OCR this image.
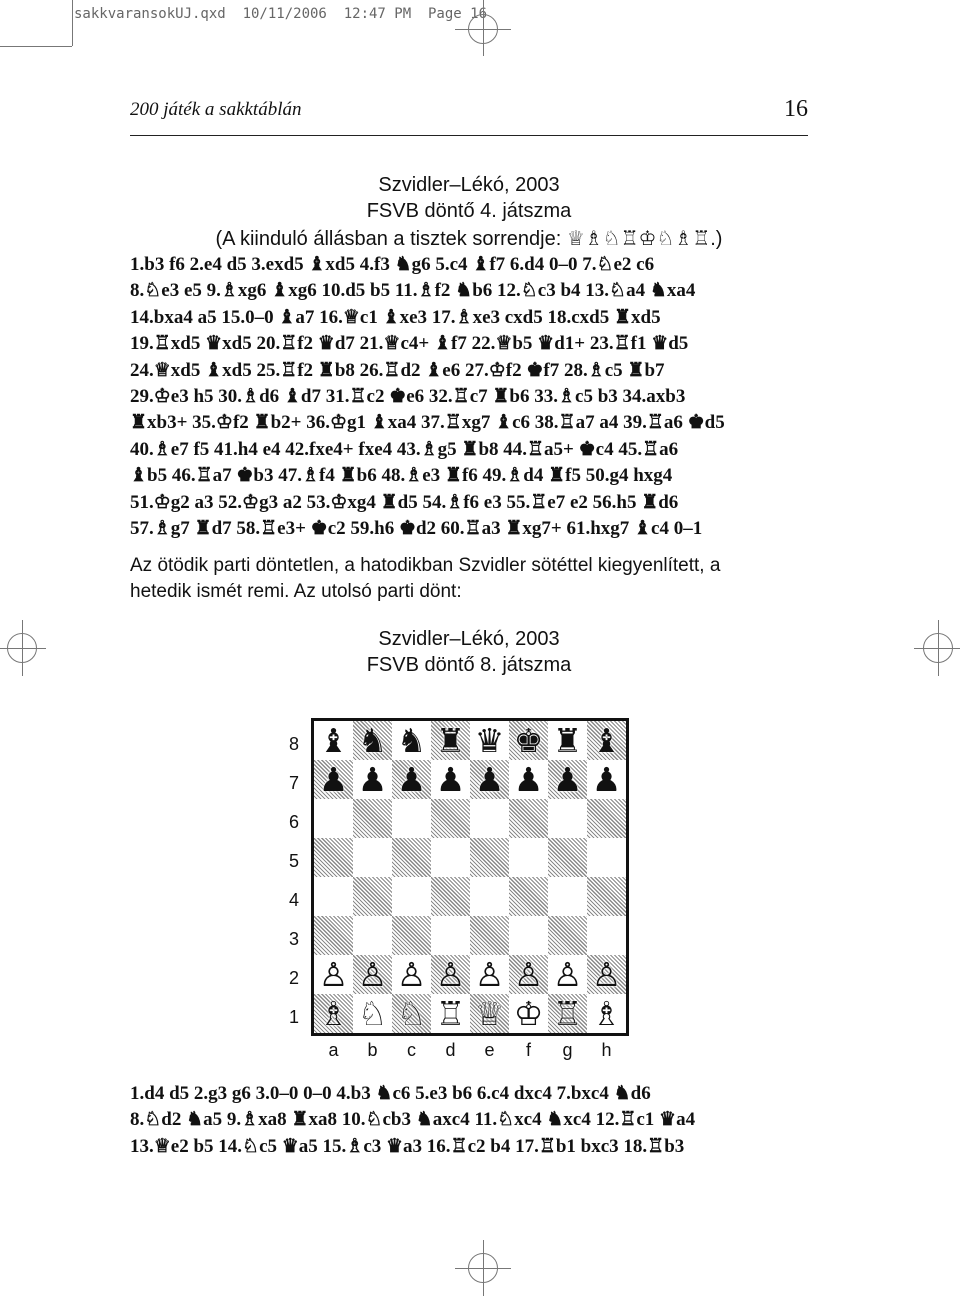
sakkvaransokUJ.qxd  10/11/2006  12:47 PM  Page 16
200 játék a sakktáblán	16
Szvidler–Lékó, 2003
FSVB döntő 4. játszma
(A kiinduló állásban a tisztek sorrendje: ♕♗♘♖♔♘♗♖.)
1.b3 f6 2.e4 d5 3.exd5 ♝xd5 4.f3 ♞g6 5.c4 ♝f7 6.d4 0–0 7.♘e2 c6
8.♘e3 e5 9.♗xg6 ♝xg6 10.d5 b5 11.♗f2 ♞b6 12.♘c3 b4 13.♘a4 ♞xa4
14.bxa4 a5 15.0–0 ♝a7 16.♕c1 ♝xe3 17.♗xe3 cxd5 18.cxd5 ♜xd5
19.♖xd5 ♛xd5 20.♖f2 ♛d7 21.♕c4+ ♝f7 22.♕b5 ♛d1+ 23.♖f1 ♛d5
24.♕xd5 ♝xd5 25.♖f2 ♜b8 26.♖d2 ♝e6 27.♔f2 ♚f7 28.♗c5 ♜b7
29.♔e3 h5 30.♗d6 ♝d7 31.♖c2 ♚e6 32.♖c7 ♜b6 33.♗c5 b3 34.axb3
♜xb3+ 35.♔f2 ♜b2+ 36.♔g1 ♝xa4 37.♖xg7 ♝c6 38.♖a7 a4 39.♖a6 ♚d5
40.♗e7 f5 41.h4 e4 42.fxe4+ fxe4 43.♗g5 ♜b8 44.♖a5+ ♚c4 45.♖a6
♝b5 46.♖a7 ♚b3 47.♗f4 ♜b6 48.♗e3 ♜f6 49.♗d4 ♜f5 50.g4 hxg4
51.♔g2 a3 52.♔g3 a2 53.♔xg4 ♜d5 54.♗f6 e3 55.♖e7 e2 56.h5 ♜d6
57.♗g7 ♜d7 58.♖e3+ ♚c2 59.h6 ♚d2 60.♖a3 ♜xg7+ 61.hxg7 ♝c4 0–1
Az ötödik parti döntetlen, a hatodikban Szvidler sötéttel kiegyenlített, a
hetedik ismét remi. Az utolsó parti dönt:
Szvidler–Lékó, 2003
FSVB döntő 8. játszma
8
7
6
5
4
3
2
1
♝ ♞ ♞ ♜ ♛ ♚ ♜ ♝
♟ ♟ ♟ ♟ ♟ ♟ ♟ ♟
♙ ♙ ♙ ♙ ♙ ♙ ♙ ♙
♗ ♘ ♘ ♖ ♕ ♔ ♖ ♗
a	b	c	d	e	f	g	h
1.d4 d5 2.g3 g6 3.0–0 0–0 4.b3 ♞c6 5.e3 b6 6.c4 dxc4 7.bxc4 ♞d6
8.♘d2 ♞a5 9.♗xa8 ♜xa8 10.♘cb3 ♞axc4 11.♘xc4 ♞xc4 12.♖c1 ♛a4
13.♕e2 b5 14.♘c5 ♛a5 15.♗c3 ♛a3 16.♖c2 b4 17.♖b1 bxc3 18.♖b3
